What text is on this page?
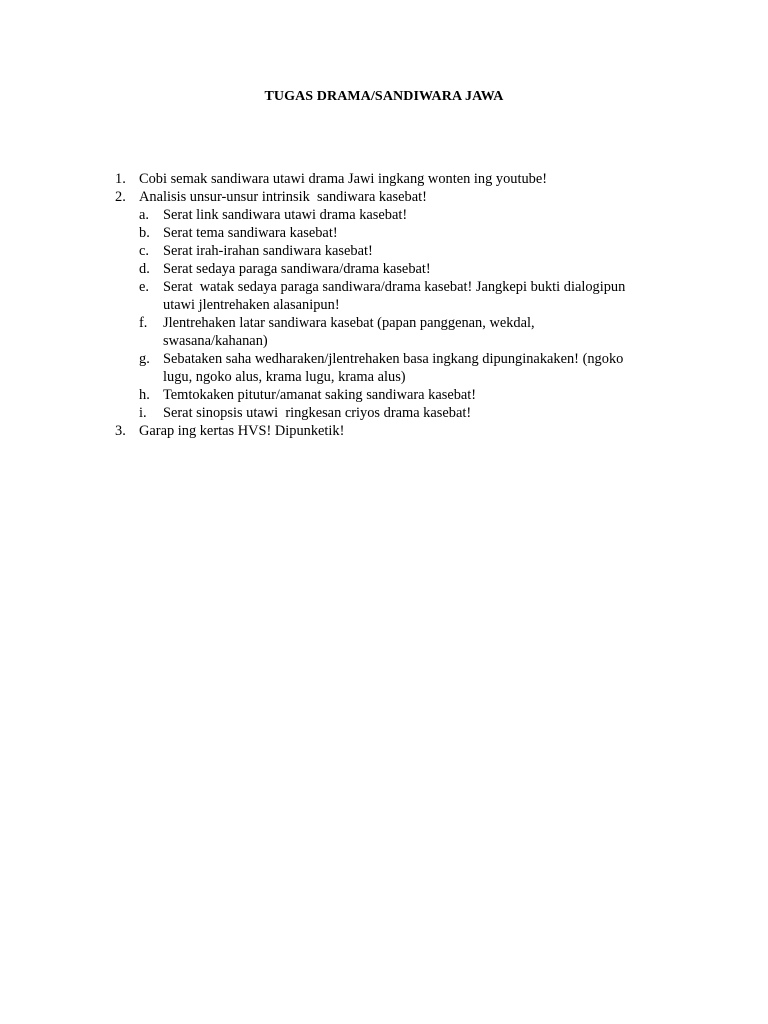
TUGAS DRAMA/SANDIWARA JAWA
1. Cobi semak sandiwara utawi drama Jawi ingkang wonten ing youtube!
2. Analisis unsur-unsur intrinsik  sandiwara kasebat!
a. Serat link sandiwara utawi drama kasebat!
b. Serat tema sandiwara kasebat!
c. Serat irah-irahan sandiwara kasebat!
d. Serat sedaya paraga sandiwara/drama kasebat!
e. Serat  watak sedaya paraga sandiwara/drama kasebat! Jangkepi bukti dialogipun
utawi jlentrehaken alasanipun!
f.	Jlentrehaken latar sandiwara kasebat (papan panggenan, wekdal,
swasana/kahanan)
g. Sebataken saha wedharaken/jlentrehaken basa ingkang dipunginakaken! (ngoko
lugu, ngoko alus, krama lugu, krama alus)
h. Temtokaken pitutur/amanat saking sandiwara kasebat!
i.	Serat sinopsis utawi  ringkesan criyos drama kasebat!
3. Garap ing kertas HVS! Dipunketik!
